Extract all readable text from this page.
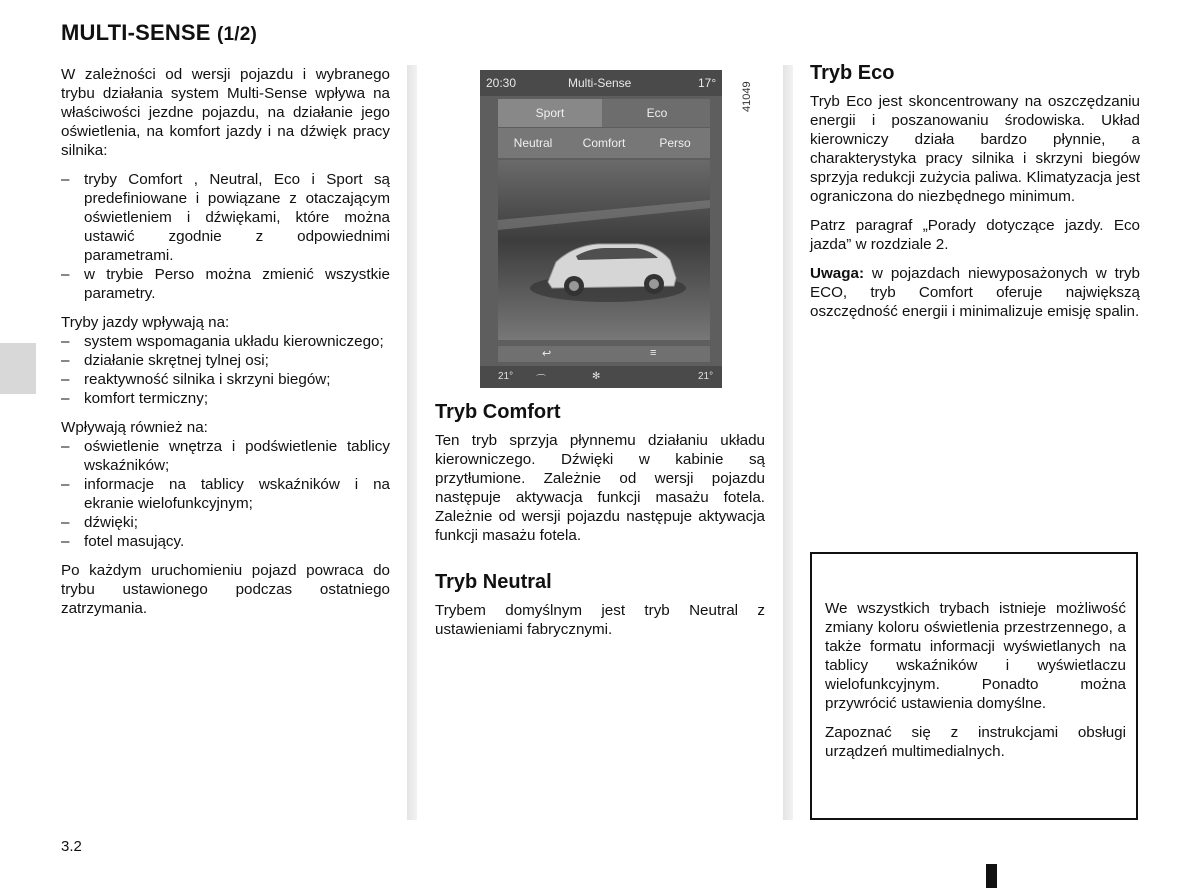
MULTI-SENSE (1/2)

W zależności od wersji pojazdu i wybranego trybu działania system Multi-Sense wpływa na właściwości jezdne pojazdu, na działanie jego oświetlenia, na komfort jazdy i na dźwięk pracy silnika:

– tryby Comfort , Neutral, Eco i Sport są predefiniowane i powiązane z otaczającym oświetleniem i dźwiękami, które można ustawić zgodnie z odpowiednimi parametrami.
– w trybie Perso można zmienić wszystkie parametry.

Tryby jazdy wpływają na:

– system wspomagania układu kierowniczego;
– działanie skrętnej tylnej osi;
– reaktywność silnika i skrzyni biegów;
– komfort termiczny;

Wpływają również na:

– oświetlenie wnętrza i podświetlenie tablicy wskaźników;
– informacje na tablicy wskaźników i na ekranie wielofunkcyjnym;
– dźwięki;
– fotel masujący.

Po każdym uruchomieniu pojazd powraca do trybu ustawionego podczas ostatniego zatrzymania.

20:30	Multi-Sense	17°
Sport	Eco
Neutral	Comfort	Perso
↩	≡
21° ⌒	✻	21°
41049
Tryb Comfort

Ten tryb sprzyja płynnemu działaniu układu kierowniczego. Dźwięki w kabinie są przytłumione. Zależnie od wersji pojazdu następuje aktywacja funkcji masażu fotela. Zależnie od wersji pojazdu następuje aktywacja funkcji masażu fotela.

Tryb Neutral

Trybem domyślnym jest tryb Neutral z ustawieniami fabrycznymi.

Tryb Eco

Tryb Eco jest skoncentrowany na oszczędzaniu energii i poszanowaniu środowiska. Układ kierowniczy działa bardzo płynnie, a charakterystyka pracy silnika i skrzyni biegów sprzyja redukcji zużycia paliwa. Klimatyzacja jest ograniczona do niezbędnego minimum.

Patrz paragraf „Porady dotyczące jazdy. Eco jazda” w rozdziale 2.

Uwaga: w pojazdach niewyposażonych w tryb ECO, tryb Comfort oferuje największą oszczędność energii i minimalizuje emisję spalin.

We wszystkich trybach istnieje możliwość zmiany koloru oświetlenia przestrzennego, a także formatu informacji wyświetlanych na tablicy wskaźników i wyświetlaczu wielofunkcyjnym. Ponadto można przywrócić ustawienia domyślne.

Zapoznać się z instrukcjami obsługi urządzeń multimedialnych.

3.2
